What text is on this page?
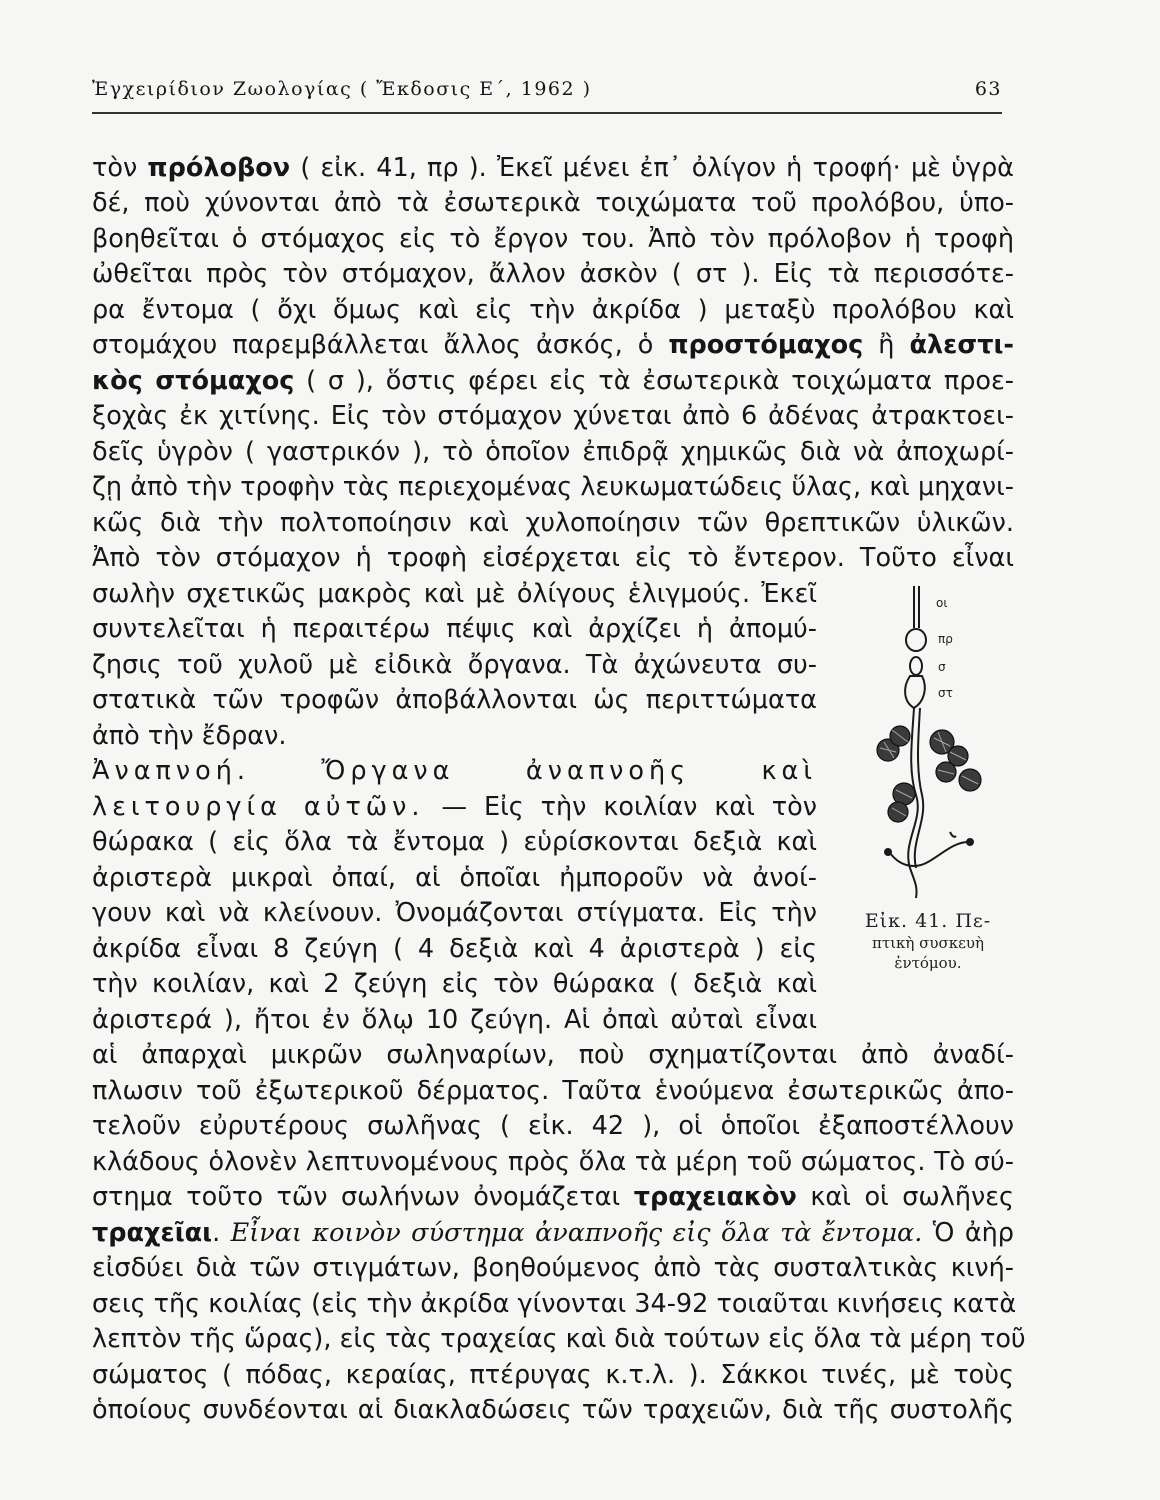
Ἐγχειρίδιον Ζωολογίας ( Ἔκδοσις Ε΄, 1962 )	63
τὸν πρόλοβον ( εἰκ. 41, πρ ). Ἐκεῖ μένει ἐπ᾽ ὀλίγον ἡ τροφή· μὲ ὑγρὰ
δέ, ποὺ χύνονται ἀπὸ τὰ ἐσωτερικὰ τοιχώματα τοῦ προλόβου, ὑπο-
βοηθεῖται ὁ στόμαχος εἰς τὸ ἔργον του. Ἀπὸ τὸν πρόλοβον ἡ τροφὴ
ὠθεῖται πρὸς τὸν στόμαχον, ἄλλον ἀσκὸν ( στ ). Εἰς τὰ περισσότε-
ρα ἔντομα ( ὄχι ὅμως καὶ εἰς τὴν ἀκρίδα ) μεταξὺ προλόβου καὶ
στομάχου παρεμβάλλεται ἄλλος ἀσκός, ὁ προστόμαχος ἢ ἀλεστι-
κὸς στόμαχος ( σ ), ὅστις φέρει εἰς τὰ ἐσωτερικὰ τοιχώματα προε-
ξοχὰς ἐκ χιτίνης. Εἰς τὸν στόμαχον χύνεται ἀπὸ 6 ἀδένας ἀτρακτοει-
δεῖς ὑγρὸν ( γαστρικόν ), τὸ ὁποῖον ἐπιδρᾷ χημικῶς διὰ νὰ ἀποχωρί-
ζῃ ἀπὸ τὴν τροφὴν τὰς περιεχομένας λευκωματώδεις ὕλας, καὶ μηχανι-
κῶς διὰ τὴν πολτοποίησιν καὶ χυλοποίησιν τῶν θρεπτικῶν ὑλικῶν.
Ἀπὸ τὸν στόμαχον ἡ τροφὴ εἰσέρχεται εἰς τὸ ἔντερον. Τοῦτο εἶναι
σωλὴν σχετικῶς μακρὸς καὶ μὲ ὀλίγους ἑλιγμούς. Ἐκεῖ
συντελεῖται ἡ περαιτέρω πέψις καὶ ἀρχίζει ἡ ἀπομύ-
ζησις τοῦ χυλοῦ μὲ εἰδικὰ ὄργανα. Τὰ ἀχώνευτα συ-
στατικὰ τῶν τροφῶν ἀποβάλλονται ὡς περιττώματα
ἀπὸ τὴν ἔδραν.
Ἀναπνοή. Ὄργανα ἀναπνοῆς καὶ
λειτουργία αὐτῶν. — Εἰς τὴν κοιλίαν καὶ τὸν
θώρακα ( εἰς ὅλα τὰ ἔντομα ) εὑρίσκονται δεξιὰ καὶ
ἀριστερὰ μικραὶ ὀπαί, αἱ ὁποῖαι ἠμποροῦν νὰ ἀνοί-
γουν καὶ νὰ κλείνουν. Ὀνομάζονται στίγματα. Εἰς τὴν
ἀκρίδα εἶναι 8 ζεύγη ( 4 δεξιὰ καὶ 4 ἀριστερὰ ) εἰς
τὴν κοιλίαν, καὶ 2 ζεύγη εἰς τὸν θώρακα ( δεξιὰ καὶ
ἀριστερά ), ἤτοι ἐν ὅλῳ 10 ζεύγη. Αἱ ὀπαὶ αὐταὶ εἶναι
αἱ ἀπαρχαὶ μικρῶν σωληναρίων, ποὺ σχηματίζονται ἀπὸ ἀναδί-
πλωσιν τοῦ ἐξωτερικοῦ δέρματος. Ταῦτα ἑνούμενα ἐσωτερικῶς ἀπο-
τελοῦν εὐρυτέρους σωλῆνας ( εἰκ. 42 ), οἱ ὁποῖοι ἐξαποστέλλουν
κλάδους ὁλονὲν λεπτυνομένους πρὸς ὅλα τὰ μέρη τοῦ σώματος. Τὸ σύ-
στημα τοῦτο τῶν σωλήνων ὀνομάζεται τραχειακὸν καὶ οἱ σωλῆνες
τραχεῖαι. Εἶναι κοινὸν σύστημα ἀναπνοῆς εἰς ὅλα τὰ ἔντομα. Ὁ ἀὴρ
εἰσδύει διὰ τῶν στιγμάτων, βοηθούμενος ἀπὸ τὰς συσταλτικὰς κινή-
σεις τῆς κοιλίας (εἰς τὴν ἀκρίδα γίνονται 34-92 τοιαῦται κινήσεις κατὰ
λεπτὸν τῆς ὥρας), εἰς τὰς τραχείας καὶ διὰ τούτων εἰς ὅλα τὰ μέρη τοῦ
σώματος ( πόδας, κεραίας, πτέρυγας κ.τ.λ. ). Σάκκοι τινές, μὲ τοὺς
ὁποίους συνδέονται αἱ διακλαδώσεις τῶν τραχειῶν, διὰ τῆς συστολῆς
οι
πρ
σ
στ
Εἰκ. 41. Πε-
πτικὴ συσκευὴ
ἐντόμου.
